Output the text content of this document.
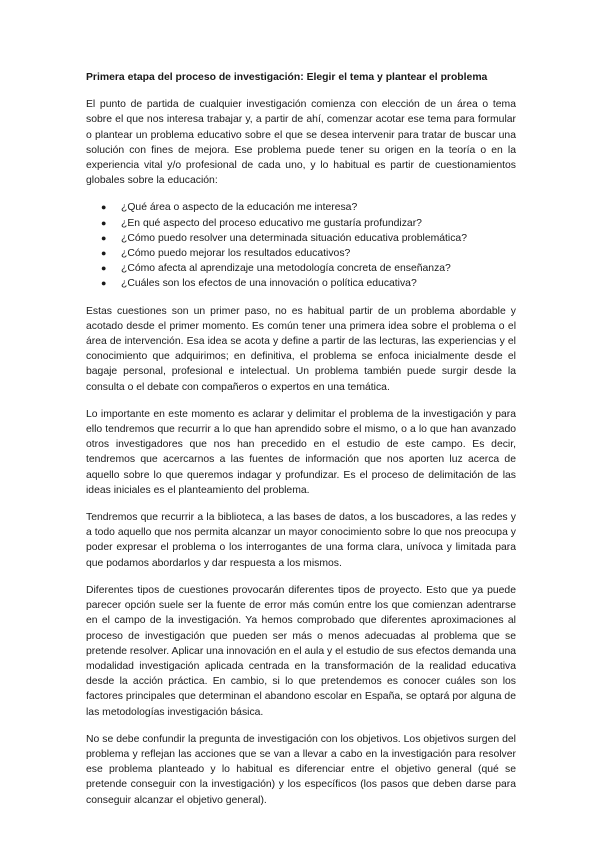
Primera etapa del proceso de investigación: Elegir el tema y plantear el problema

El punto de partida de cualquier investigación comienza con elección de un área o tema sobre el que nos interesa trabajar y, a partir de ahí, comenzar acotar ese tema para formular o plantear un problema educativo sobre el que se desea intervenir para tratar de buscar una solución con fines de mejora. Ese problema puede tener su origen en la teoría o en la experiencia vital y/o profesional de cada uno, y lo habitual es partir de cuestionamientos globales sobre la educación:

● ¿Qué área o aspecto de la educación me interesa?
● ¿En qué aspecto del proceso educativo me gustaría profundizar?
● ¿Cómo puedo resolver una determinada situación educativa problemática?
● ¿Cómo puedo mejorar los resultados educativos?
● ¿Cómo afecta al aprendizaje una metodología concreta de enseñanza?
● ¿Cuáles son los efectos de una innovación o política educativa?

Estas cuestiones son un primer paso, no es habitual partir de un problema abordable y acotado desde el primer momento. Es común tener una primera idea sobre el problema o el área de intervención. Esa idea se acota y define a partir de las lecturas, las experiencias y el conocimiento que adquirimos; en definitiva, el problema se enfoca inicialmente desde el bagaje personal, profesional e intelectual. Un problema también puede surgir desde la consulta o el debate con compañeros o expertos en una temática.

Lo importante en este momento es aclarar y delimitar el problema de la investigación y para ello tendremos que recurrir a lo que han aprendido sobre el mismo, o a lo que han avanzado otros investigadores que nos han precedido en el estudio de este campo. Es decir, tendremos que acercarnos a las fuentes de información que nos aporten luz acerca de aquello sobre lo que queremos indagar y profundizar. Es el proceso de delimitación de las ideas iniciales es el planteamiento del problema.

Tendremos que recurrir a la biblioteca, a las bases de datos, a los buscadores, a las redes y a todo aquello que nos permita alcanzar un mayor conocimiento sobre lo que nos preocupa y poder expresar el problema o los interrogantes de una forma clara, unívoca y limitada para que podamos abordarlos y dar respuesta a los mismos.

Diferentes tipos de cuestiones provocarán diferentes tipos de proyecto. Esto que ya puede parecer opción suele ser la fuente de error más común entre los que comienzan adentrarse en el campo de la investigación. Ya hemos comprobado que diferentes aproximaciones al proceso de investigación que pueden ser más o menos adecuadas al problema que se pretende resolver. Aplicar una innovación en el aula y el estudio de sus efectos demanda una modalidad investigación aplicada centrada en la transformación de la realidad educativa desde la acción práctica. En cambio, si lo que pretendemos es conocer cuáles son los factores principales que determinan el abandono escolar en España, se optará por alguna de las metodologías investigación básica.

No se debe confundir la pregunta de investigación con los objetivos. Los objetivos surgen del problema y reflejan las acciones que se van a llevar a cabo en la investigación para resolver ese problema planteado y lo habitual es diferenciar entre el objetivo general (qué se pretende conseguir con la investigación) y los específicos (los pasos que deben darse para conseguir alcanzar el objetivo general).
